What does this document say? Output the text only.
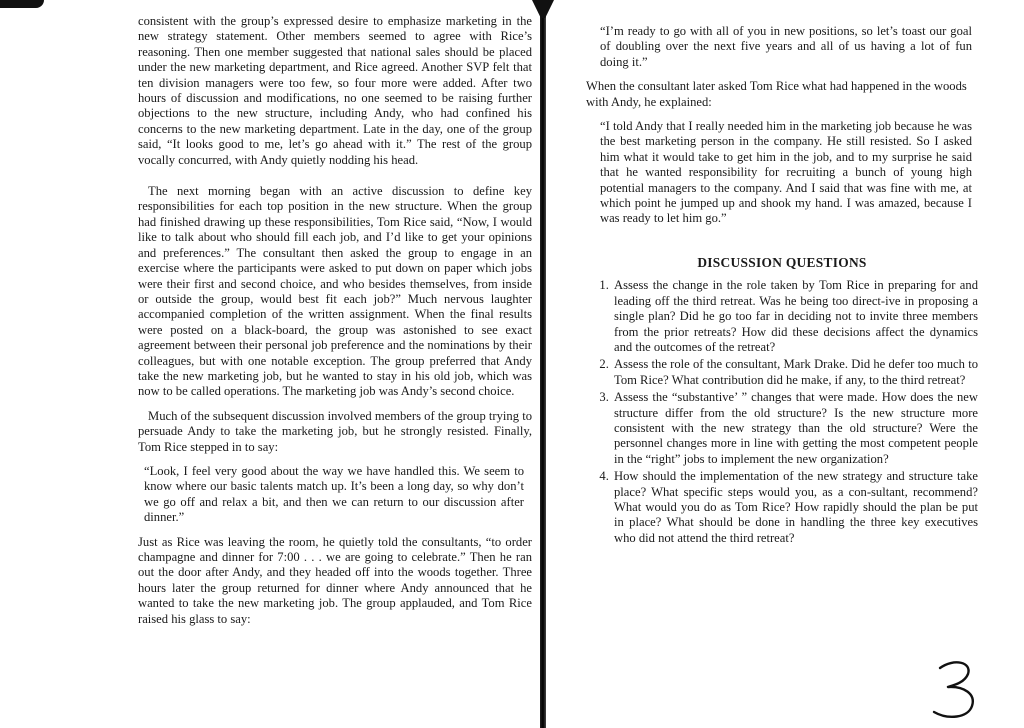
consistent with the group’s expressed desire to emphasize marketing in the new strategy statement. Other members seemed to agree with Rice’s reasoning. Then one member suggested that national sales should be placed under the new marketing department, and Rice agreed. Another SVP felt that ten division managers were too few, so four more were added. After two hours of discussion and modifications, no one seemed to be raising further objections to the new structure, including Andy, who had confined his concerns to the new marketing department. Late in the day, one of the group said, “It looks good to me, let’s go ahead with it.” The rest of the group vocally concurred, with Andy quietly nodding his head.

The next morning began with an active discussion to define key responsibilities for each top position in the new structure. When the group had finished drawing up these responsibilities, Tom Rice said, “Now, I would like to talk about who should fill each job, and I’d like to get your opinions and preferences.” The consultant then asked the group to engage in an exercise where the participants were asked to put down on paper which jobs were their first and second choice, and who besides themselves, from inside or outside the group, would best fit each job?” Much nervous laughter accompanied completion of the written assignment. When the final results were posted on a black-board, the group was astonished to see exact agreement between their personal job preference and the nominations by their colleagues, but with one notable exception. The group preferred that Andy take the new marketing job, but he wanted to stay in his old job, which was now to be called operations. The marketing job was Andy’s second choice.

Much of the subsequent discussion involved members of the group trying to persuade Andy to take the marketing job, but he strongly resisted. Finally, Tom Rice stepped in to say:

“Look, I feel very good about the way we have handled this. We seem to know where our basic talents match up. It’s been a long day, so why don’t we go off and relax a bit, and then we can return to our discussion after dinner.”

Just as Rice was leaving the room, he quietly told the consultants, “to order champagne and dinner for 7:00 . . . we are going to celebrate.” Then he ran out the door after Andy, and they headed off into the woods together. Three hours later the group returned for dinner where Andy announced that he wanted to take the new marketing job. The group applauded, and Tom Rice raised his glass to say:

“I’m ready to go with all of you in new positions, so let’s toast our goal of doubling over the next five years and all of us having a lot of fun doing it.”

When the consultant later asked Tom Rice what had happened in the woods with Andy, he explained:

“I told Andy that I really needed him in the marketing job because he was the best marketing person in the company. He still resisted. So I asked him what it would take to get him in the job, and to my surprise he said that he wanted responsibility for recruiting a bunch of young high potential managers to the company. And I said that was fine with me, at which point he jumped up and shook my hand. I was amazed, because I was ready to let him go.”

DISCUSSION QUESTIONS
1. Assess the change in the role taken by Tom Rice in preparing for and leading off the third retreat. Was he being too direct-ive in proposing a single plan? Did he go too far in deciding not to invite three members from the prior retreats? How did these decisions affect the dynamics and the outcomes of the retreat?
2. Assess the role of the consultant, Mark Drake. Did he defer too much to Tom Rice? What contribution did he make, if any, to the third retreat?
3. Assess the “substantive’ ” changes that were made. How does the new structure differ from the old structure? Is the new structure more consistent with the new strategy than the old structure? Were the personnel changes more in line with getting the most competent people in the “right” jobs to implement the new organization?
4. How should the implementation of the new strategy and structure take place? What specific steps would you, as a con-sultant, recommend? What would you do as Tom Rice? How rapidly should the plan be put in place? What should be done in handling the three key executives who did not attend the third retreat?
